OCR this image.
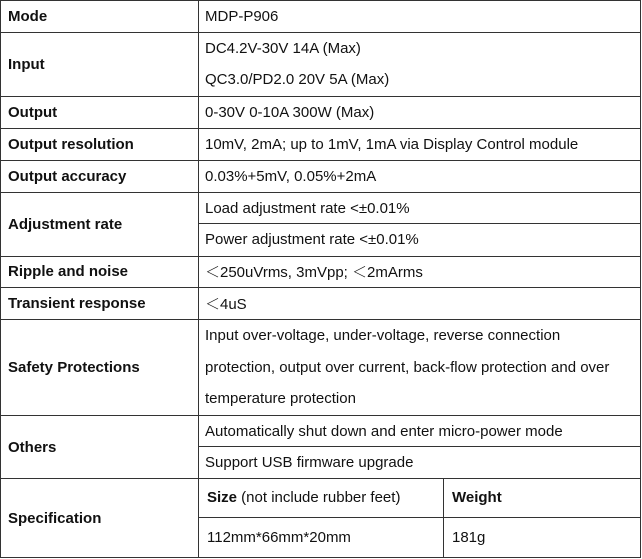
Mode	MDP-P906	
Input	DC4.2V-30V 14A (Max)	
	QC3.0/PD2.0 20V 5A (Max)	
Output	0-30V 0-10A 300W (Max)	
Output resolution	10mV, 2mA; up to 1mV, 1mA via Display Control module	
Output accuracy	0.03%+5mV, 0.05%+2mA	
Adjustment rate	Load adjustment rate <±0.01%	
	Power adjustment rate <±0.01%	
Ripple and noise	＜250uVrms, 3mVpp; ＜2mArms	
Transient response	＜4uS	
Safety Protections	Input over-voltage, under-voltage, reverse connection protection, output over current, back-flow protection and over temperature protection	
Others	Automatically shut down and enter micro-power mode	
	Support USB firmware upgrade	
Specification	Size (not include rubber feet)	Weight
	112mm*66mm*20mm	181g
